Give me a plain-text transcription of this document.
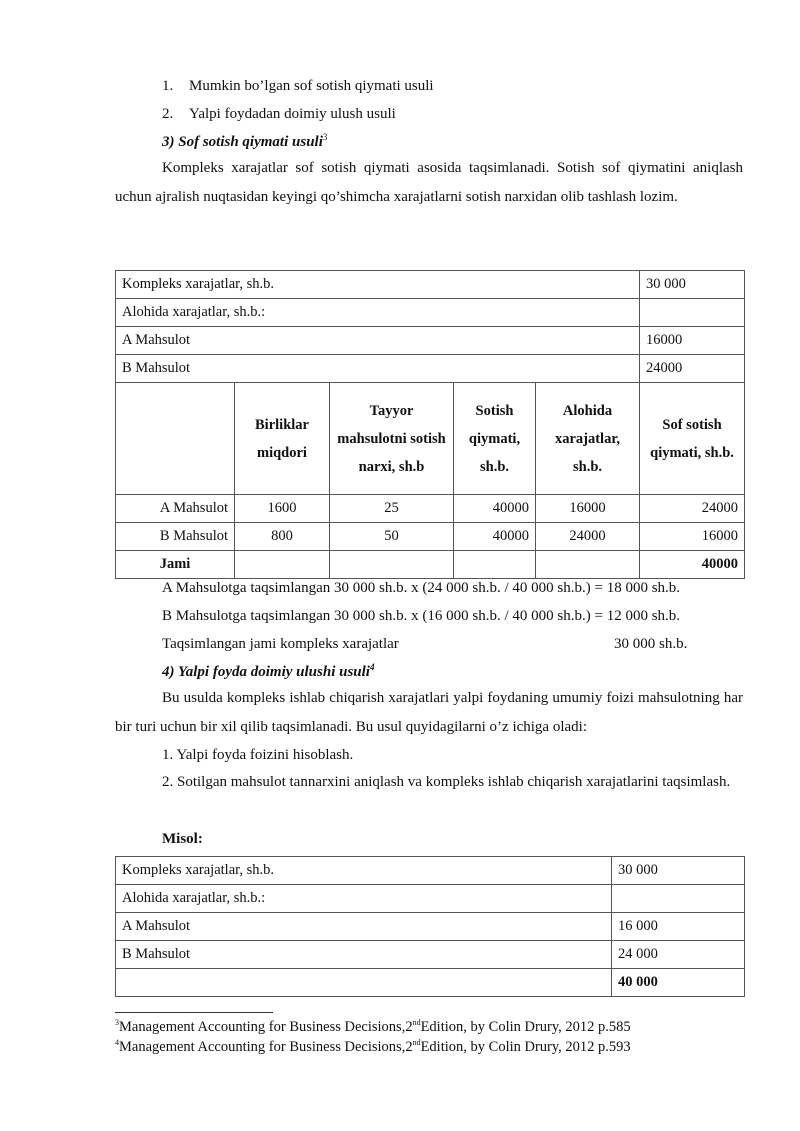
1. Mumkin bo’lgan sof sotish qiymati usuli
2. Yalpi foydadan doimiy ulush usuli
3) Sof sotish qiymati usuli$^3$
Kompleks xarajatlar sof sotish qiymati asosida taqsimlanadi. Sotish sof qiymatini aniqlash uchun ajralish nuqtasidan keyingi qo’shimcha xarajatlarni sotish narxidan olib tashlash lozim.
Kompleks xarajatlar, sh.b.					30 000
Alohida xarajatlar, sh.b.:					
A Mahsulot					16000
B Mahsulot					24000
	Birliklar miqdori	Tayyor mahsulotni sotish narxi, sh.b	Sotish qiymati, sh.b.	Alohida xarajatlar, sh.b.	Sof sotish qiymati, sh.b.
A Mahsulot	1600	25	40000	16000	24000
B Mahsulot	800	50	40000	24000	16000
Jami					40000
A Mahsulotga taqsimlangan 30 000 sh.b. x (24 000 sh.b. / 40 000 sh.b.) = 18 000 sh.b.
B Mahsulotga taqsimlangan 30 000 sh.b. x (16 000 sh.b. / 40 000 sh.b.) = 12 000 sh.b.
Taqsimlangan jami kompleks xarajatlar	30 000 sh.b.
4) Yalpi foyda doimiy ulushi usuli$^4$
Bu usulda kompleks ishlab chiqarish xarajatlari yalpi foydaning umumiy foizi mahsulotning har bir turi uchun bir xil qilib taqsimlanadi. Bu usul quyidagilarni o’z ichiga oladi:
1. Yalpi foyda foizini hisoblash.
2. Sotilgan mahsulot tannarxini aniqlash va kompleks ishlab chiqarish xarajatlarini taqsimlash.
Misol:
Kompleks xarajatlar, sh.b.	30 000
Alohida xarajatlar, sh.b.:	
A Mahsulot	16 000
B Mahsulot	24 000
	40 000
$^3$Management Accounting for Business Decisions,2ndEdition, by Colin Drury, 2012 p.585
$^4$Management Accounting for Business Decisions,2ndEdition, by Colin Drury, 2012 p.593
